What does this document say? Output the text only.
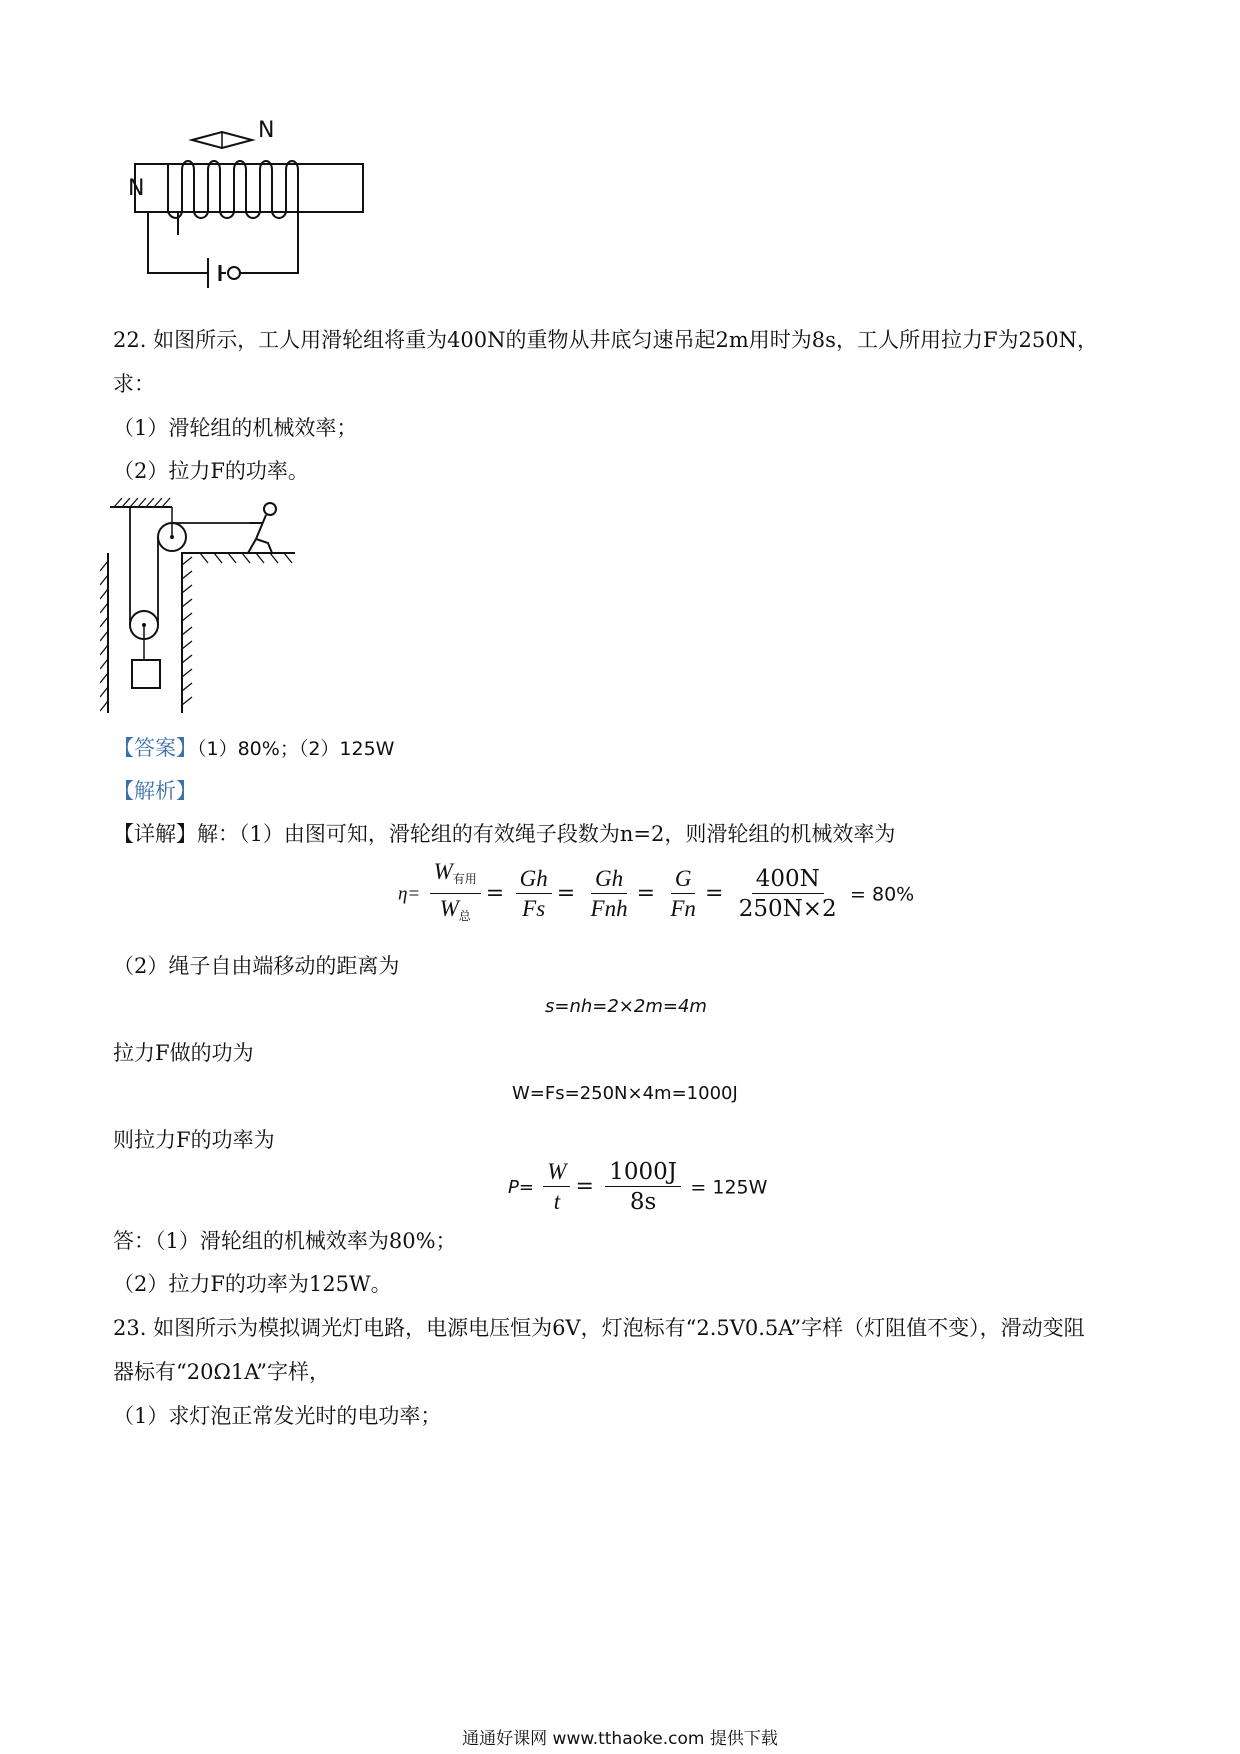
N
N
22. 如图所示，工人用滑轮组将重为400N的重物从井底匀速吊起2m用时为8s，工人所用拉力F为250N，
求：
（1）滑轮组的机械效率；
（2）拉力F的功率。
【答案】（1）80%；（2）125W
【解析】
【详解】解：（1）由图可知，滑轮组的有效绳子段数为n=2，则滑轮组的机械效率为
$\eta= \frac{W_{有用}}{W_总} = \frac{Gh}{Fs} = \frac{Gh}{\text{Fnh}} = \frac{G}{Fn} = \frac{400N}{250N\times 2} = 80\%$
（2）绳子自由端移动的距离为
s=nh=2×2m=4m
拉力F做的功为
W=Fs=250N×4m=1000J
则拉力F的功率为
$P= \frac{W}{t} = \frac{1000J}{8s} = 125W$
答：（1）滑轮组的机械效率为80%；
（2）拉力F的功率为125W。
23. 如图所示为模拟调光灯电路，电源电压恒为6V，灯泡标有“2.5V0.5A”字样（灯阻值不变），滑动变阻
器标有“20Ω1A”字样，
（1）求灯泡正常发光时的电功率；
通通好课网 www.tthaoke.com 提供下载
